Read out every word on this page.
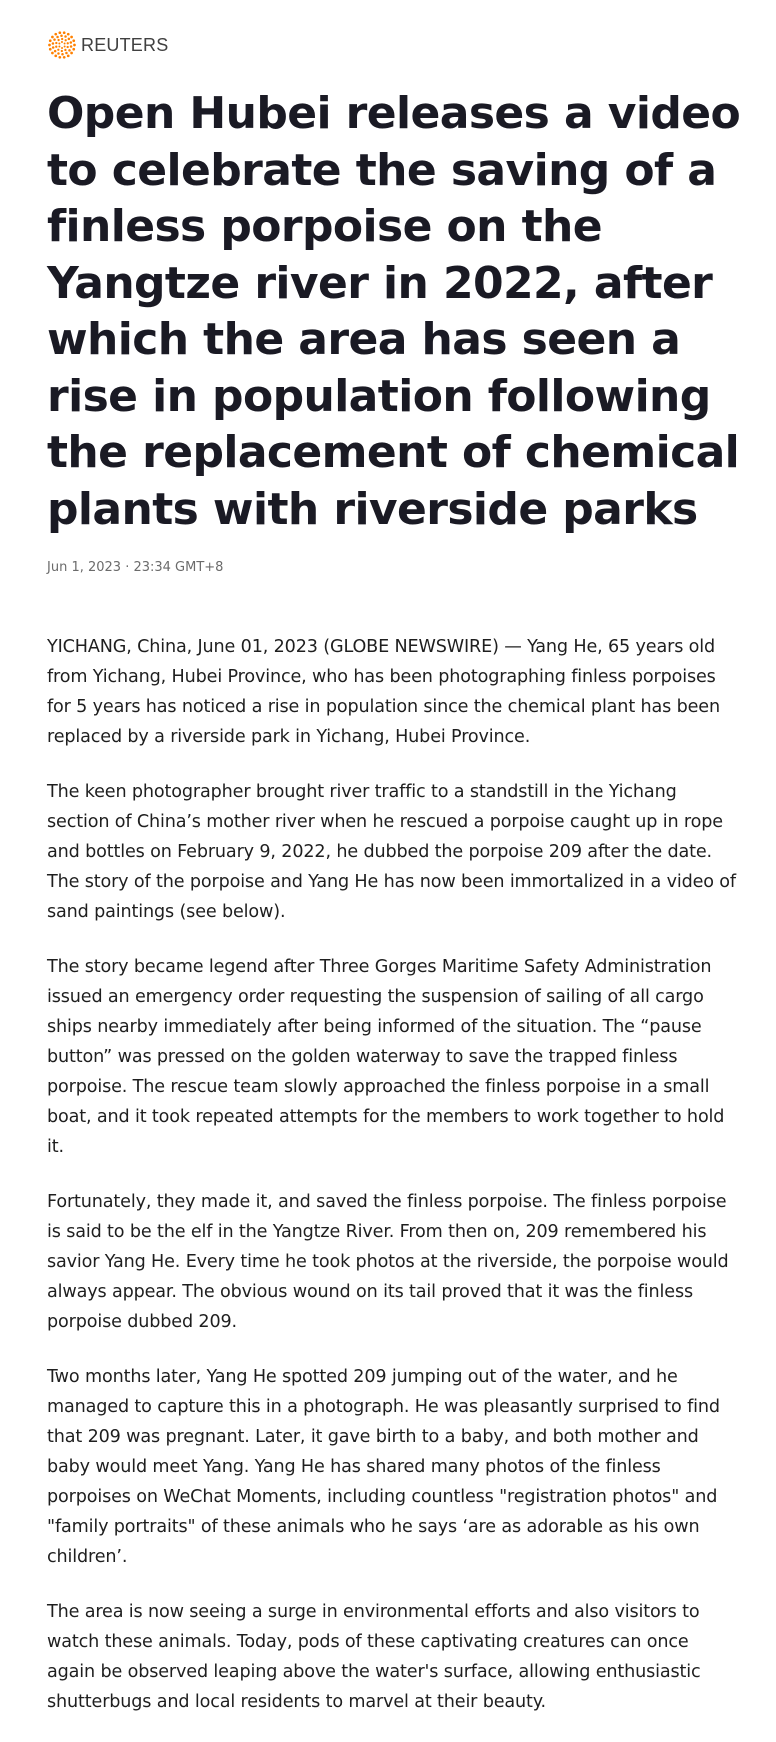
REUTERS
Open Hubei releases a video to celebrate the saving of a finless porpoise on the Yangtze river in 2022, after which the area has seen a rise in population following the replacement of chemical plants with riverside parks
Jun 1, 2023 · 23:34 GMT+8

YICHANG, China, June 01, 2023 (GLOBE NEWSWIRE) — Yang He, 65 years old from Yichang, Hubei Province, who has been photographing finless porpoises for 5 years has noticed a rise in population since the chemical plant has been replaced by a riverside park in Yichang, Hubei Province.

The keen photographer brought river traffic to a standstill in the Yichang section of China’s mother river when he rescued a porpoise caught up in rope and bottles on February 9, 2022, he dubbed the porpoise 209 after the date. The story of the porpoise and Yang He has now been immortalized in a video of sand paintings (see below).

The story became legend after Three Gorges Maritime Safety Administration issued an emergency order requesting the suspension of sailing of all cargo ships nearby immediately after being informed of the situation. The “pause button” was pressed on the golden waterway to save the trapped finless porpoise. The rescue team slowly approached the finless porpoise in a small boat, and it took repeated attempts for the members to work together to hold it.

Fortunately, they made it, and saved the finless porpoise. The finless porpoise is said to be the elf in the Yangtze River. From then on, 209 remembered his savior Yang He. Every time he took photos at the riverside, the porpoise would always appear. The obvious wound on its tail proved that it was the finless porpoise dubbed 209.

Two months later, Yang He spotted 209 jumping out of the water, and he managed to capture this in a photograph. He was pleasantly surprised to find that 209 was pregnant. Later, it gave birth to a baby, and both mother and baby would meet Yang. Yang He has shared many photos of the finless porpoises on WeChat Moments, including countless "registration photos" and "family portraits" of these animals who he says ‘are as adorable as his own children’.

The area is now seeing a surge in environmental efforts and also visitors to watch these animals. Today, pods of these captivating creatures can once again be observed leaping above the water's surface, allowing enthusiastic shutterbugs and local residents to marvel at their beauty.
